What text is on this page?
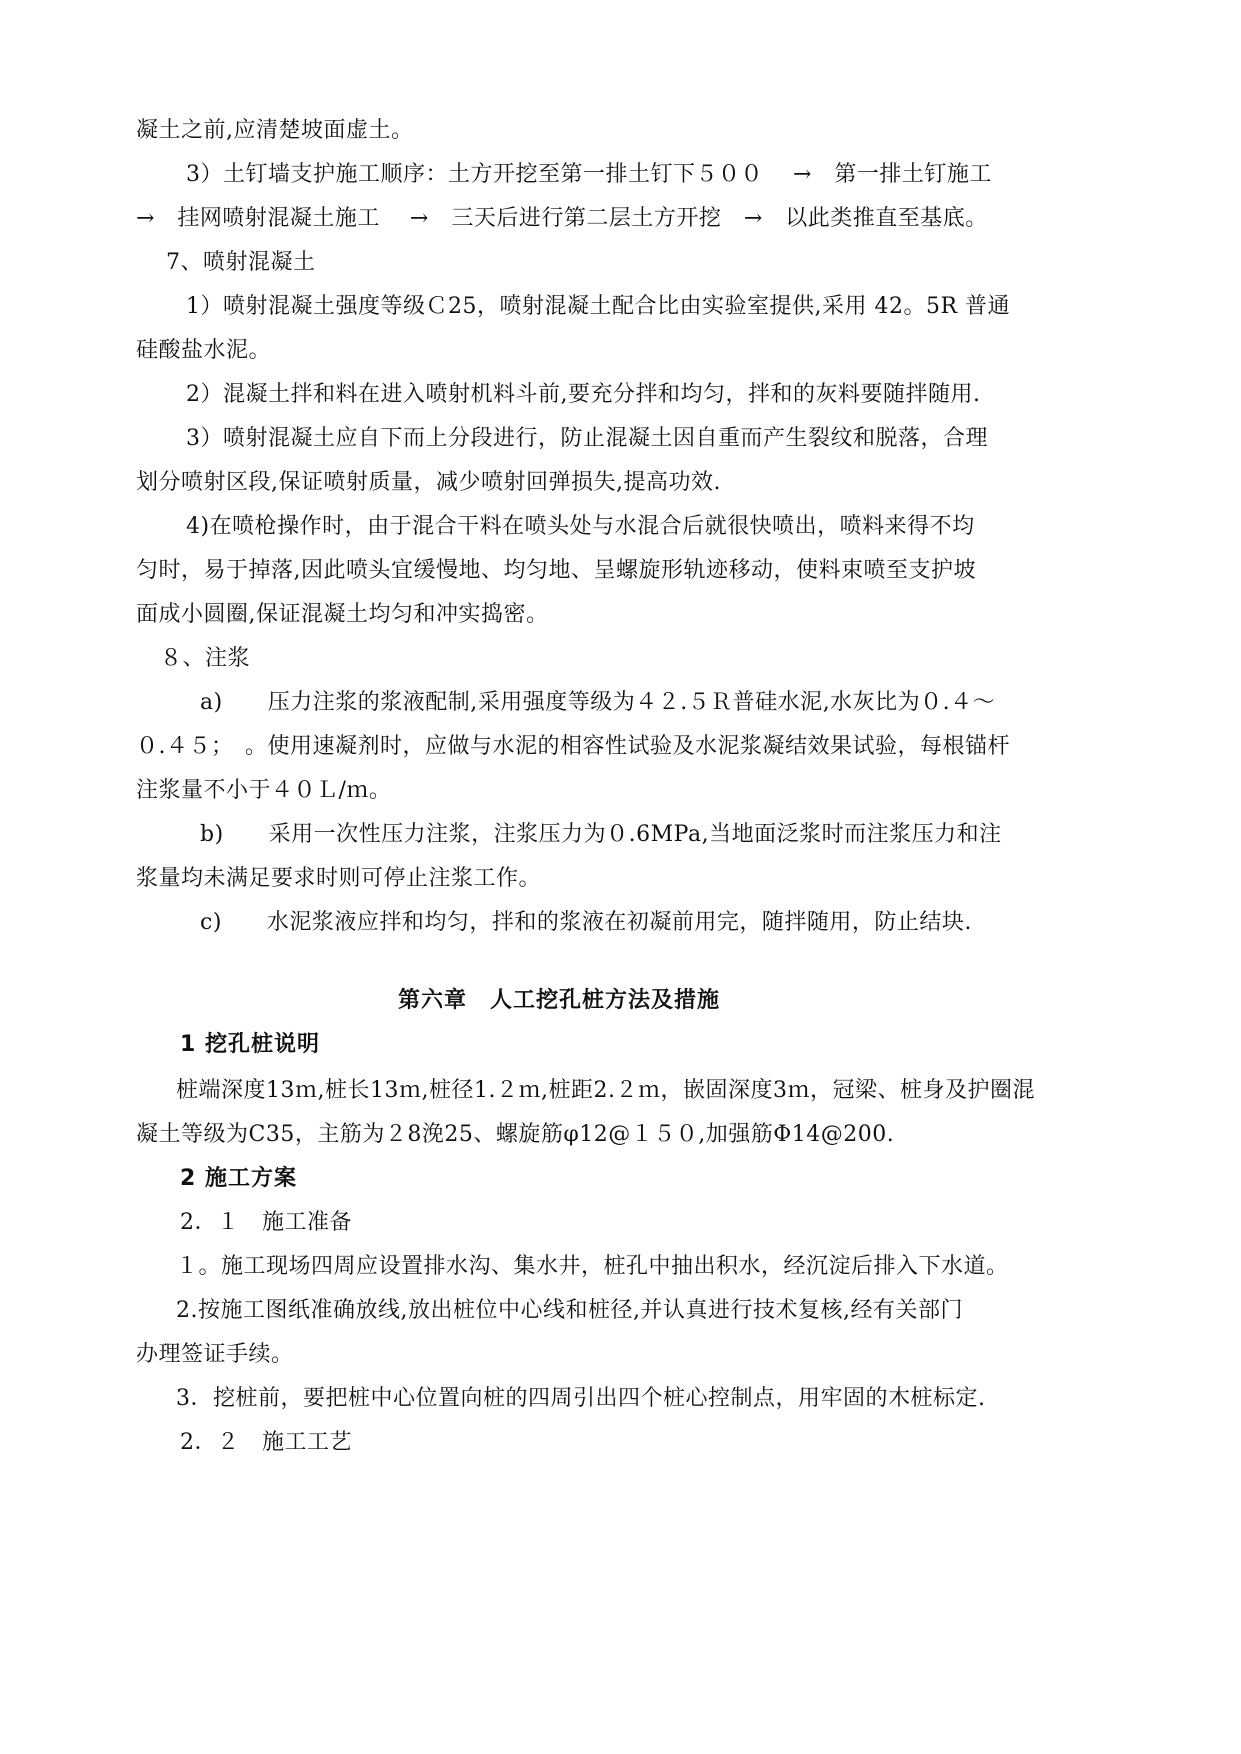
凝土之前,应清楚坡面虚土。

3）土钉墙支护施工顺序：土方开挖至第一排土钉下５００　 →　第一排土钉施工

→　挂网喷射混凝土施工　 →　三天后进行第二层土方开挖　→　以此类推直至基底。

7、喷射混凝土

1）喷射混凝土强度等级Ｃ25，喷射混凝土配合比由实验室提供,采用 42。5R 普通

硅酸盐水泥。

2）混凝土拌和料在进入喷射机料斗前,要充分拌和均匀，拌和的灰料要随拌随用.

3）喷射混凝土应自下而上分段进行，防止混凝土因自重而产生裂纹和脱落，合理

划分喷射区段,保证喷射质量，减少喷射回弹损失,提高功效.

4)在喷枪操作时，由于混合干料在喷头处与水混合后就很快喷出，喷料来得不均

匀时，易于掉落,因此喷头宜缓慢地、均匀地、呈螺旋形轨迹移动，使料束喷至支护坡

面成小圆圈,保证混凝土均匀和冲实捣密。

８、注浆

a)　　压力注浆的浆液配制,采用强度等级为４２.５Ｒ普硅水泥,水灰比为０.４～

０.４５；　。使用速凝剂时，应做与水泥的相容性试验及水泥浆凝结效果试验，每根锚杆

注浆量不小于４０Ｌ/ｍ。

b)　　采用一次性压力注浆，注浆压力为０.6MPa,当地面泛浆时而注浆压力和注

浆量均未满足要求时则可停止注浆工作。

c)　　水泥浆液应拌和均匀，拌和的浆液在初凝前用完，随拌随用，防止结块.

第六章　人工挖孔桩方法及措施

1 挖孔桩说明

桩端深度13ｍ,桩长13ｍ,桩径1.２ｍ,桩距2.２ｍ，嵌固深度3ｍ，冠梁、桩身及护圈混

凝土等级为C35，主筋为２8浼25、螺旋筋φ12@１５０,加强筋Φ14@200.

2 施工方案

2．１　施工准备

１。施工现场四周应设置排水沟、集水井，桩孔中抽出积水，经沉淀后排入下水道。

2.按施工图纸准确放线,放出桩位中心线和桩径,并认真进行技术复核,经有关部门

办理签证手续。

3．挖桩前，要把桩中心位置向桩的四周引出四个桩心控制点，用牢固的木桩标定.

2．２　施工工艺
